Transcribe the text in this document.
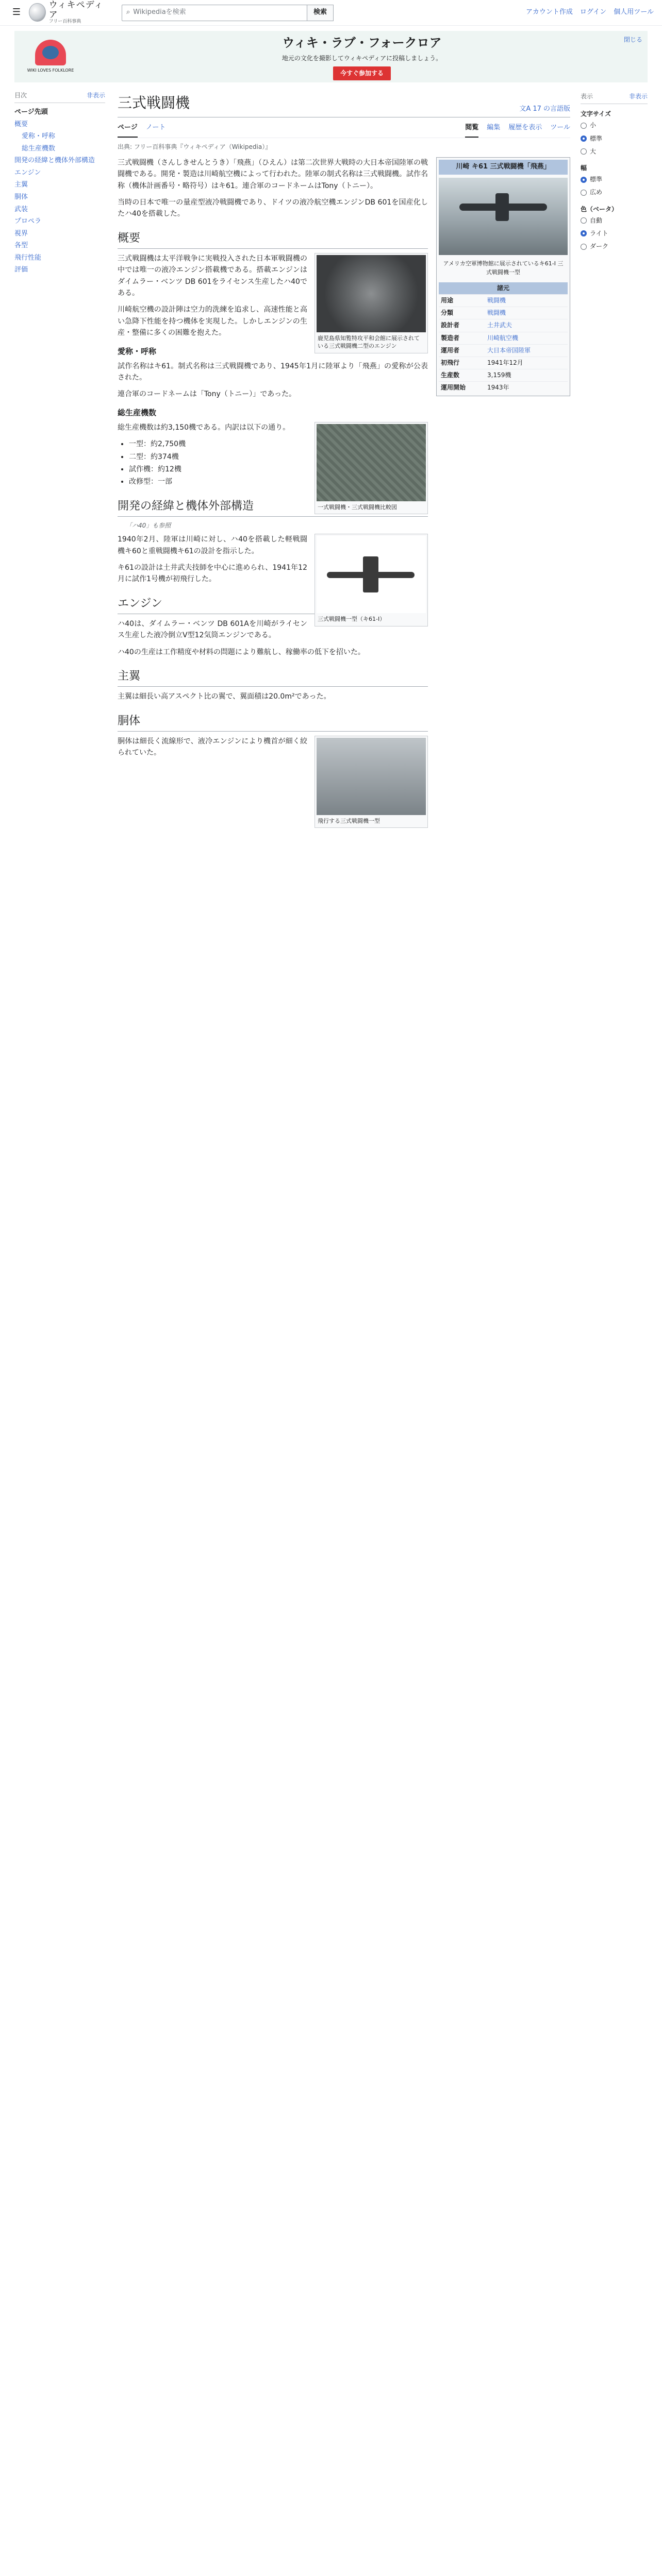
☰
ウィキペディア
フリー百科事典
⌕ Wikipediaを検索	検索	アカウント作成 ログイン 個人用ツール
WIKI LOVES FOLKLORE
ウィキ・ラブ・フォークロア
地元の文化を撮影してウィキペディアに投稿しましょう。
今すぐ参加する
閉じる
目次	非表示
ページ先頭
概要
愛称・呼称
総生産機数
開発の経緯と機体外部構造
エンジン
主翼
胴体
武装
プロペラ
視界
各型
飛行性能
評価
三式戦闘機	文A 17 の言語版
ページ ノート	閲覧 編集 履歴を表示 ツール
出典: フリー百科事典『ウィキペディア（Wikipedia）』

三式戦闘機（さんしきせんとうき）「飛燕」（ひえん）は第二次世界大戦時の大日本帝国陸軍の戦闘機である。開発・製造は川崎航空機によって行われた。陸軍の制式名称は三式戦闘機。試作名称（機体計画番号・略符号）はキ61。連合軍のコードネームはTony（トニー）。

当時の日本で唯一の量産型液冷戦闘機であり、ドイツの液冷航空機エンジンDB 601を国産化したハ40を搭載した。

概要
鹿児島県知覧特攻平和会館に展示されている三式戦闘機二型のエンジン

三式戦闘機は太平洋戦争に実戦投入された日本軍戦闘機の中では唯一の液冷エンジン搭載機である。搭載エンジンはダイムラー・ベンツ DB 601をライセンス生産したハ40である。

川崎航空機の設計陣は空力的洗練を追求し、高速性能と高い急降下性能を持つ機体を実現した。しかしエンジンの生産・整備に多くの困難を抱えた。

愛称・呼称

試作名称はキ61。制式名称は三式戦闘機であり、1945年1月に陸軍より「飛燕」の愛称が公表された。

連合軍のコードネームは「Tony（トニー）」であった。

総生産機数
一式戦闘機・三式戦闘機比較図

総生産機数は約3,150機である。内訳は以下の通り。

• 一型：約2,750機
• 二型：約374機
• 試作機：約12機
• 改修型：一部
開発の経緯と機体外部構造
「ハ40」も参照
三式戦闘機一型（キ61-I）

1940年2月、陸軍は川崎に対し、ハ40を搭載した軽戦闘機キ60と重戦闘機キ61の設計を指示した。

キ61の設計は土井武夫技師を中心に進められ、1941年12月に試作1号機が初飛行した。

エンジン

ハ40は、ダイムラー・ベンツ DB 601Aを川崎がライセンス生産した液冷倒立V型12気筒エンジンである。

ハ40の生産は工作精度や材料の問題により難航し、稼働率の低下を招いた。

主翼

主翼は細長い高アスペクト比の翼で、翼面積は20.0m²であった。

胴体
飛行する三式戦闘機一型

胴体は細長く流線形で、液冷エンジンにより機首が細く絞られていた。

川崎 キ61 三式戦闘機「飛燕」
アメリカ空軍博物館に展示されているキ61-I 三式戦闘機一型
諸元
用途	戦闘機
分類	戦闘機
設計者	土井武夫
製造者	川崎航空機
運用者	大日本帝国陸軍
初飛行	1941年12月
生産数	3,159機
運用開始	1943年
表示	非表示
文字サイズ
小
標準
大
幅
標準
広め
色（ベータ）
自動
ライト
ダーク
